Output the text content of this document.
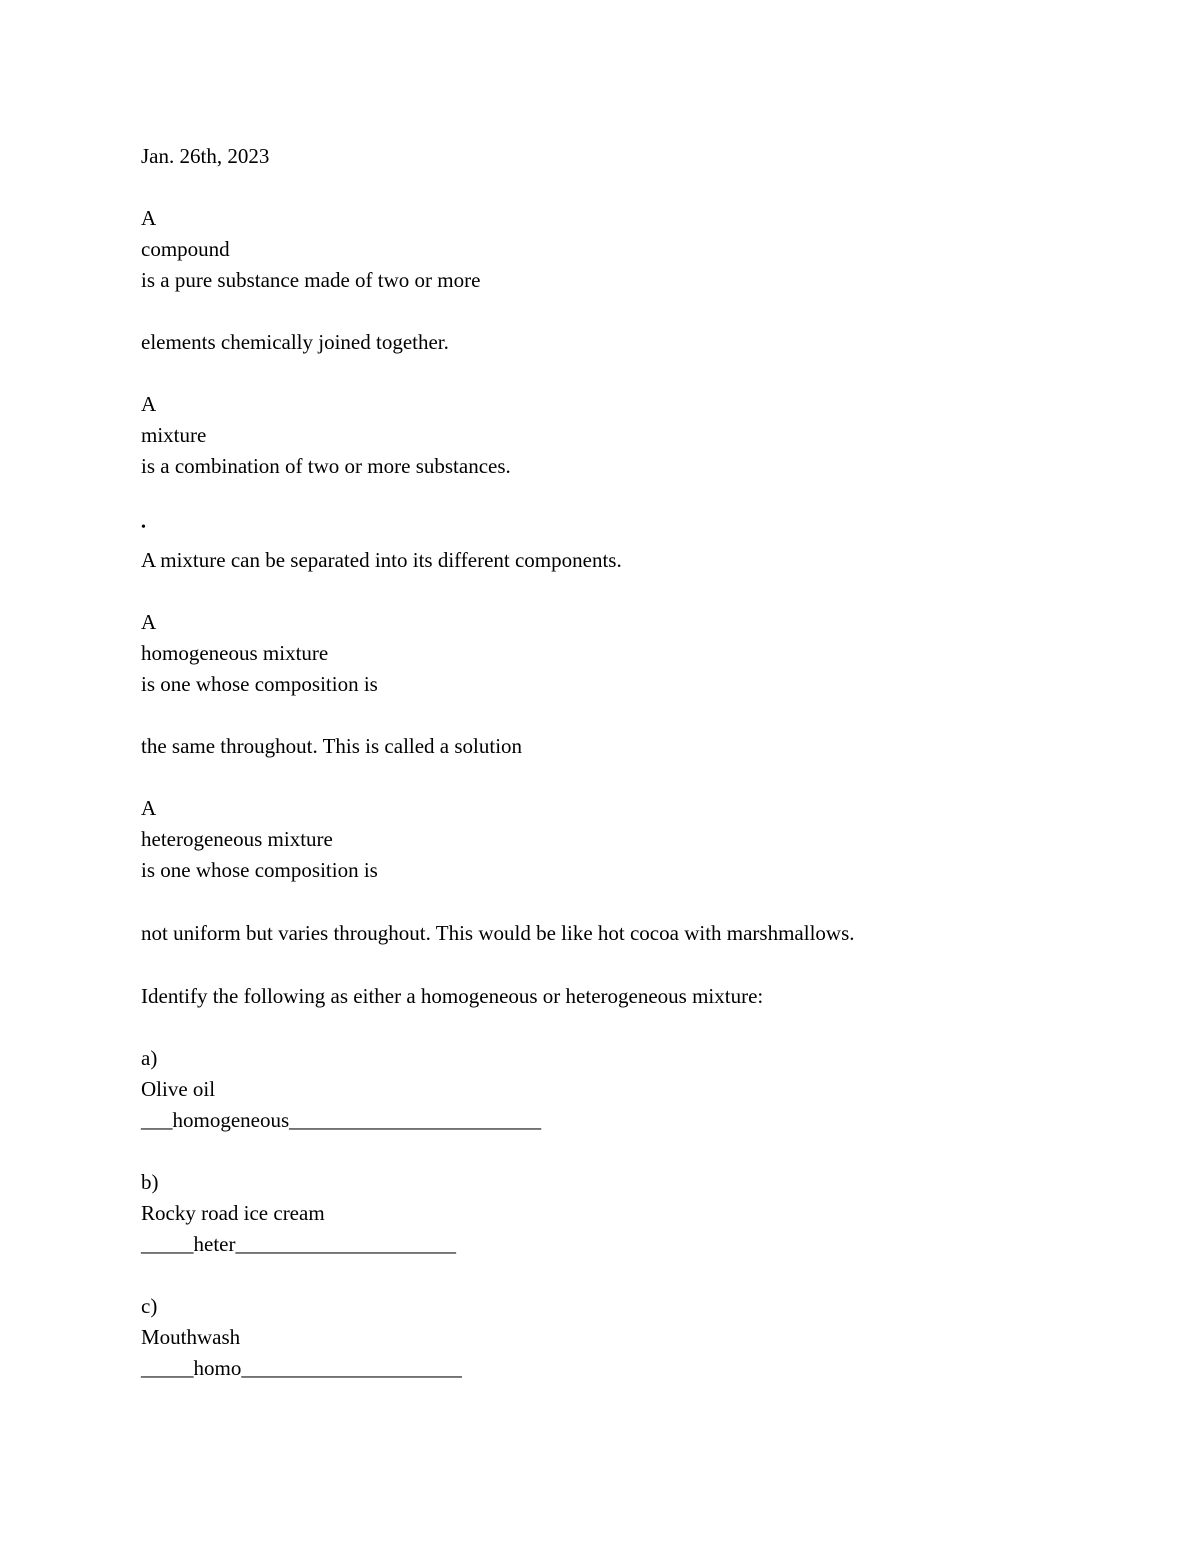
Jan. 26th, 2023
A
compound
is a pure substance made of two or more
elements chemically joined together.
A
mixture
is a combination of two or more substances.
•
A mixture can be separated into its different components.
A
homogeneous mixture
is one whose composition is
the same throughout. This is called a solution
A
heterogeneous mixture
is one whose composition is
not uniform but varies throughout. This would be like hot cocoa with marshmallows.
Identify the following as either a homogeneous or heterogeneous mixture:
a)
Olive oil
___homogeneous________________________
b)
Rocky road ice cream
_____heter_____________________
c)
Mouthwash
_____homo_____________________
